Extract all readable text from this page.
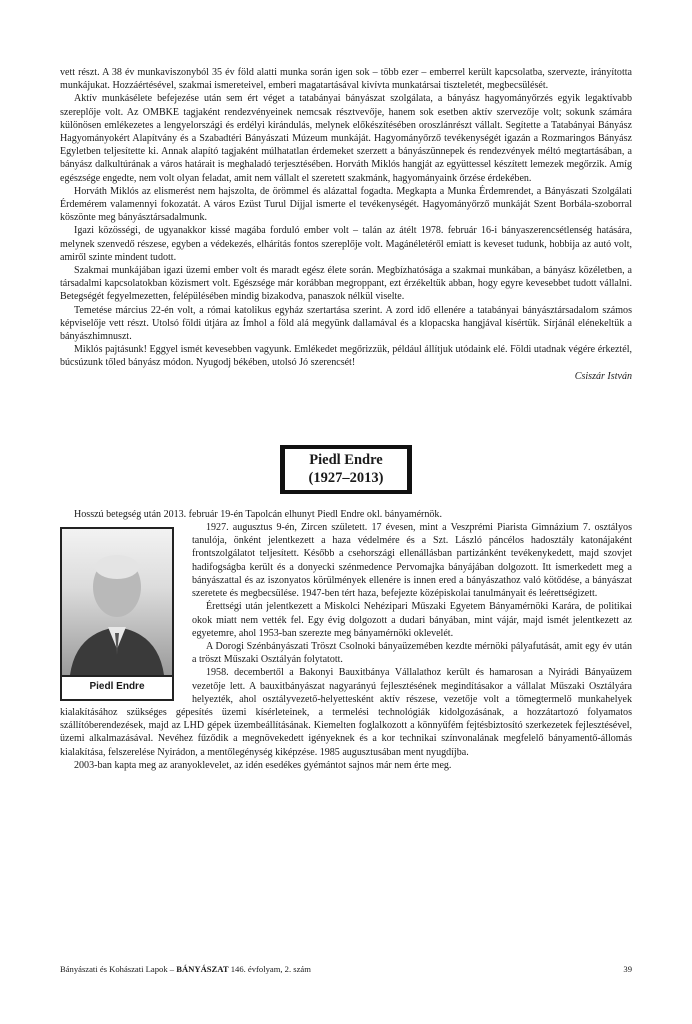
vett részt. A 38 év munkaviszonyból 35 év föld alatti munka során igen sok – több ezer – emberrel került kapcsolatba, szervezte, irányította munkájukat. Hozzáértésével, szakmai ismereteivel, emberi magatartásával kivívta munkatársai tiszteletét, megbecsülését.

Aktív munkásélete befejezése után sem ért véget a tatabányai bányászat szolgálata, a bányász hagyományőrzés egyik legaktívabb szereplője volt. Az OMBKE tagjaként rendezvényeinek nemcsak résztvevője, hanem sok esetben aktív szervezője volt; sokunk számára különösen emlékezetes a lengyelországi és erdélyi kirándulás, melynek előkészítésében oroszlánrészt vállalt. Segítette a Tatabányai Bányász Hagyományokért Alapítvány és a Szabadtéri Bányászati Múzeum munkáját. Hagyományőrző tevékenységét igazán a Rozmaringos Bányász Egyletben teljesítette ki. Annak alapító tagjaként múlhatatlan érdemeket szerzett a bányászünnepek és rendezvények méltó megtartásában, a bányász dalkultúrának a város határait is meghaladó terjesztésében. Horváth Miklós hangját az együttessel készített lemezek megőrzik. Amíg egészsége engedte, nem volt olyan feladat, amit nem vállalt el szeretett szakmánk, hagyományaink őrzése érdekében.

Horváth Miklós az elismerést nem hajszolta, de örömmel és alázattal fogadta. Megkapta a Munka Érdemrendet, a Bányászati Szolgálati Érdemérem valamennyi fokozatát. A város Ezüst Turul Díjjal ismerte el tevékenységét. Hagyományőrző munkáját Szent Borbála-szoborral köszönte meg bányásztársadalmunk.

Igazi közösségi, de ugyanakkor kissé magába forduló ember volt – talán az átélt 1978. február 16-i bányaszerencsétlenség hatására, melynek szenvedő részese, egyben a védekezés, elhárítás fontos szereplője volt. Magánéletéről emiatt is keveset tudunk, hobbija az autó volt, amiről szinte mindent tudott.

Szakmai munkájában igazi üzemi ember volt és maradt egész élete során. Megbízhatósága a szakmai munkában, a bányász közéletben, a társadalmi kapcsolatokban közismert volt. Egészsége már korábban megroppant, ezt érzékeltük abban, hogy egyre kevesebbet tudott vállalni. Betegségét fegyelmezetten, felépülésében mindig bizakodva, panaszok nélkül viselte.

Temetése március 22-én volt, a római katolikus egyház szertartása szerint. A zord idő ellenére a tatabányai bányásztársadalom számos képviselője vett részt. Utolsó földi útjára az Ímhol a föld alá megyünk dallamával és a klopacska hangjával kísértük. Sírjánál elénekeltük a bányászhimnuszt.

Miklós pajtásunk! Eggyel ismét kevesebben vagyunk. Emlékedet megőrizzük, például állítjuk utódaink elé. Földi utadnak végére érkeztél, búcsúzunk tőled bányász módon. Nyugodj békében, utolsó Jó szerencsét!

Csiszár István

Piedl Endre
(1927–2013)

Hosszú betegség után 2013. február 19-én Tapolcán elhunyt Piedl Endre okl. bányamérnök.

Piedl Endre

1927. augusztus 9-én, Zircen született. 17 évesen, mint a Veszprémi Piarista Gimnázium 7. osztályos tanulója, önként jelentkezett a haza védelmére és a Szt. László páncélos hadosztály katonájaként frontszolgálatot teljesített. Később a csehországi ellenállásban partizánként tevékenykedett, majd szovjet hadifogságba került és a donyecki szénmedence Pervomajka bányájában dolgozott. Itt ismerkedett meg a bányászattal és az iszonyatos körülmények ellenére is innen ered a bányászathoz való kötődése, a bányászat szeretete és megbecsülése. 1947-ben tért haza, befejezte középiskolai tanulmányait és leérettségizett.

Érettségi után jelentkezett a Miskolci Nehézipari Műszaki Egyetem Bányamérnöki Karára, de politikai okok miatt nem vették fel. Egy évig dolgozott a dudari bányában, mint vájár, majd ismét jelentkezett az egyetemre, ahol 1953-ban szerezte meg bányamérnöki oklevelét.

A Dorogi Szénbányászati Tröszt Csolnoki bányaüzemében kezdte mérnöki pályafutását, amit egy év után a tröszt Műszaki Osztályán folytatott.

1958. decembertől a Bakonyi Bauxitbánya Vállalathoz került és hamarosan a Nyirádi Bányaüzem vezetője lett. A bauxitbányászat nagyarányú fejlesztésének megindításakor a vállalat Műszaki Osztályára helyezték, ahol osztályvezető-helyettesként aktív részese, vezetője volt a tömegtermelő munkahelyek kialakításához szükséges gépesítés üzemi kísérleteinek, a termelési technológiák kidolgozásának, a hozzátartozó folyamatos szállítóberendezések, majd az LHD gépek üzembeállításának. Kiemelten foglalkozott a könnyűfém fejtésbiztosító szerkezetek fejlesztésével, üzemi alkalmazásával. Nevéhez fűződik a megnövekedett igényeknek és a kor technikai színvonalának megfelelő bányamentő-állomás kialakítása, felszerelése Nyirádon, a mentőlegénység kiképzése. 1985 augusztusában ment nyugdíjba.

2003-ban kapta meg az aranyoklevelet, az idén esedékes gyémántot sajnos már nem érte meg.

Bányászati és Kohászati Lapok – BÁNYÁSZAT 146. évfolyam, 2. szám	39
